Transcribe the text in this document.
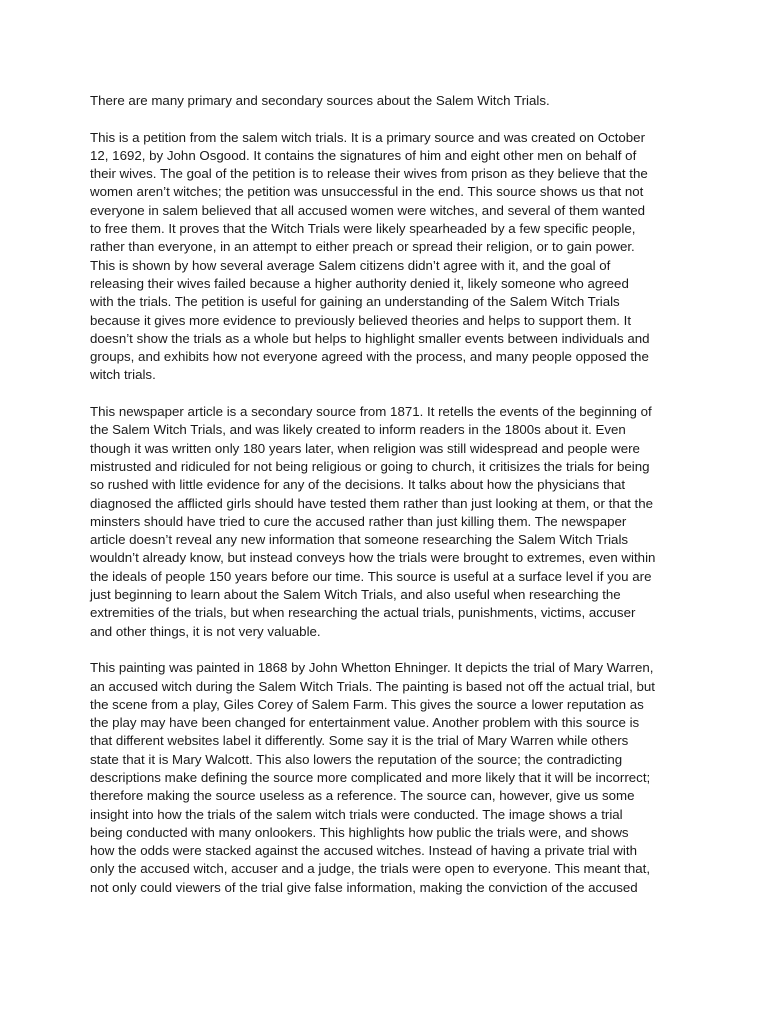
There are many primary and secondary sources about the Salem Witch Trials.

This is a petition from the salem witch trials. It is a primary source and was created on October
12, 1692, by John Osgood. It contains the signatures of him and eight other men on behalf of
their wives. The goal of the petition is to release their wives from prison as they believe that the
women aren’t witches; the petition was unsuccessful in the end. This source shows us that not
everyone in salem believed that all accused women were witches, and several of them wanted
to free them. It proves that the Witch Trials were likely spearheaded by a few specific people,
rather than everyone, in an attempt to either preach or spread their religion, or to gain power.
This is shown by how several average Salem citizens didn’t agree with it, and the goal of
releasing their wives failed because a higher authority denied it, likely someone who agreed
with the trials. The petition is useful for gaining an understanding of the Salem Witch Trials
because it gives more evidence to previously believed theories and helps to support them. It
doesn’t show the trials as a whole but helps to highlight smaller events between individuals and
groups, and exhibits how not everyone agreed with the process, and many people opposed the
witch trials.

This newspaper article is a secondary source from 1871. It retells the events of the beginning of
the Salem Witch Trials, and was likely created to inform readers in the 1800s about it. Even
though it was written only 180 years later, when religion was still widespread and people were
mistrusted and ridiculed for not being religious or going to church, it critisizes the trials for being
so rushed with little evidence for any of the decisions. It talks about how the physicians that
diagnosed the afflicted girls should have tested them rather than just looking at them, or that the
minsters should have tried to cure the accused rather than just killing them. The newspaper
article doesn’t reveal any new information that someone researching the Salem Witch Trials
wouldn’t already know, but instead conveys how the trials were brought to extremes, even within
the ideals of people 150 years before our time. This source is useful at a surface level if you are
just beginning to learn about the Salem Witch Trials, and also useful when researching the
extremities of the trials, but when researching the actual trials, punishments, victims, accuser
and other things, it is not very valuable.

This painting was painted in 1868 by John Whetton Ehninger. It depicts the trial of Mary Warren,
an accused witch during the Salem Witch Trials. The painting is based not off the actual trial, but
the scene from a play, Giles Corey of Salem Farm. This gives the source a lower reputation as
the play may have been changed for entertainment value. Another problem with this source is
that different websites label it differently. Some say it is the trial of Mary Warren while others
state that it is Mary Walcott. This also lowers the reputation of the source; the contradicting
descriptions make defining the source more complicated and more likely that it will be incorrect;
therefore making the source useless as a reference. The source can, however, give us some
insight into how the trials of the salem witch trials were conducted. The image shows a trial
being conducted with many onlookers. This highlights how public the trials were, and shows
how the odds were stacked against the accused witches. Instead of having a private trial with
only the accused witch, accuser and a judge, the trials were open to everyone. This meant that,
not only could viewers of the trial give false information, making the conviction of the accused
